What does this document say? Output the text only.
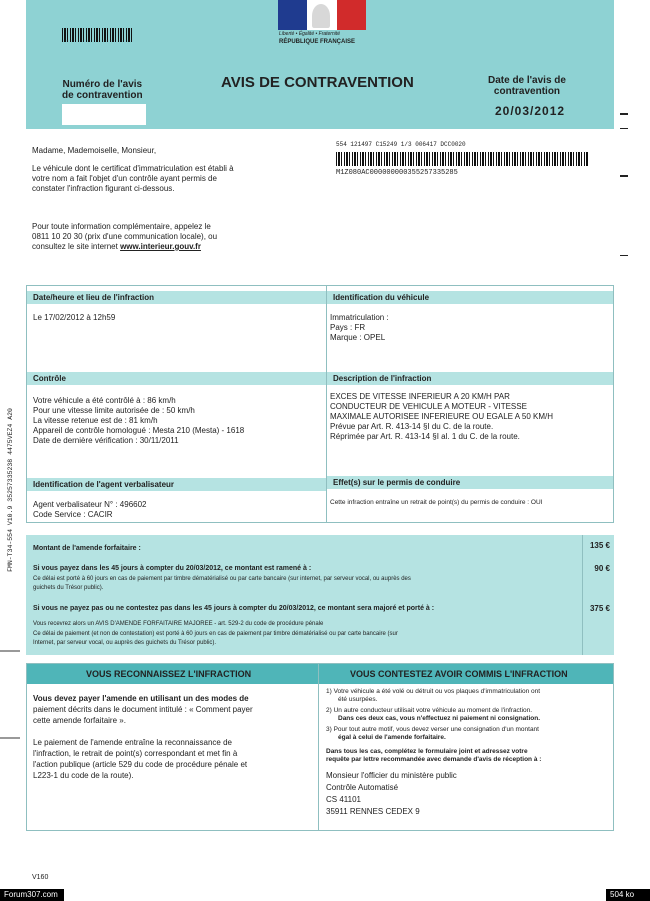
Liberté • Égalité • Fraternité
RÉPUBLIQUE FRANÇAISE
Numéro de l'avis
de contravention
AVIS DE CONTRAVENTION	Date de l'avis de
contravention
20/03/2012
554 121497 C15249 1/3 006417 DCC0020
M1Z080AC000000000355257335285
Madame, Mademoiselle, Monsieur,
Le véhicule dont le certificat d'immatriculation est établi à
votre nom a fait l'objet d'un contrôle ayant permis de
constater l'infraction figurant ci-dessous.
Pour toute information complémentaire, appelez le
0811 10 20 30 (prix d'une communication locale), ou
consultez le site internet www.interieur.gouv.fr
Date/heure et lieu de l'infraction
Le 17/02/2012 à 12h59
Identification du véhicule
Immatriculation :
Pays : FR
Marque : OPEL
Contrôle
Votre véhicule a été contrôlé à : 86 km/h
Pour une vitesse limite autorisée de : 50 km/h
La vitesse retenue est de : 81 km/h
Appareil de contrôle homologué : Mesta 210 (Mesta) - 1618
Date de dernière vérification : 30/11/2011
Description de l'infraction
EXCES DE VITESSE INFERIEUR A 20 KM/H PAR
CONDUCTEUR DE VEHICULE A MOTEUR - VITESSE
MAXIMALE AUTORISEE INFERIEURE OU EGALE A 50 KM/H
Prévue par Art. R. 413-14 §I du C. de la route.
Réprimée par Art. R. 413-14 §I al. 1 du C. de la route.
Identification de l'agent verbalisateur
Agent verbalisateur N° : 496602
Code Service : CACIR
Effet(s) sur le permis de conduire
Cette infraction entraîne un retrait de point(s) du permis de conduire : OUI
Montant de l'amende forfaitaire :	135 €
Si vous payez dans les 45 jours à compter du 20/03/2012, ce montant est ramené à :	90 €
Ce délai est porté à 60 jours en cas de paiement par timbre dématérialisé ou par carte bancaire (sur internet, par serveur vocal, ou auprès des
guichets du Trésor public).
Si vous ne payez pas ou ne contestez pas dans les 45 jours à compter du 20/03/2012, ce montant sera majoré et porté à :	375 €
Vous recevrez alors un AVIS D'AMENDE FORFAITAIRE MAJOREE - art. 529-2 du code de procédure pénale
Ce délai de paiement (et non de contestation) est porté à 60 jours en cas de paiement par timbre dématérialisé ou par carte bancaire (sur
Internet, par serveur vocal, ou auprès des guichets du Trésor public).
VOUS RECONNAISSEZ L'INFRACTION
Vous devez payer l'amende en utilisant un des modes de
paiement décrits dans le document intitulé : « Comment payer
cette amende forfaitaire ».
Le paiement de l'amende entraîne la reconnaissance de
l'infraction, le retrait de point(s) correspondant et met fin à
l'action publique (article 529 du code de procédure pénale et
L223-1 du code de la route).
VOUS CONTESTEZ AVOIR COMMIS L'INFRACTION
1) Votre véhicule a été volé ou détruit ou vos plaques d'immatriculation ont
été usurpées.
2) Un autre conducteur utilisait votre véhicule au moment de l'infraction.
Dans ces deux cas, vous n'effectuez ni paiement ni consignation.
3) Pour tout autre motif, vous devez verser une consignation d'un montant
égal à celui de l'amende forfaitaire.
Dans tous les cas, complétez le formulaire joint et adressez votre
requête par lettre recommandée avec demande d'avis de réception à :
Monsieur l'officier du ministère public
Contrôle Automatisé
CS 41101
35911 RENNES CEDEX 9
FMN-T34-554 V10.9 35257335238 4475VEZ4 A20
V160
Forum307.com	504 ko
